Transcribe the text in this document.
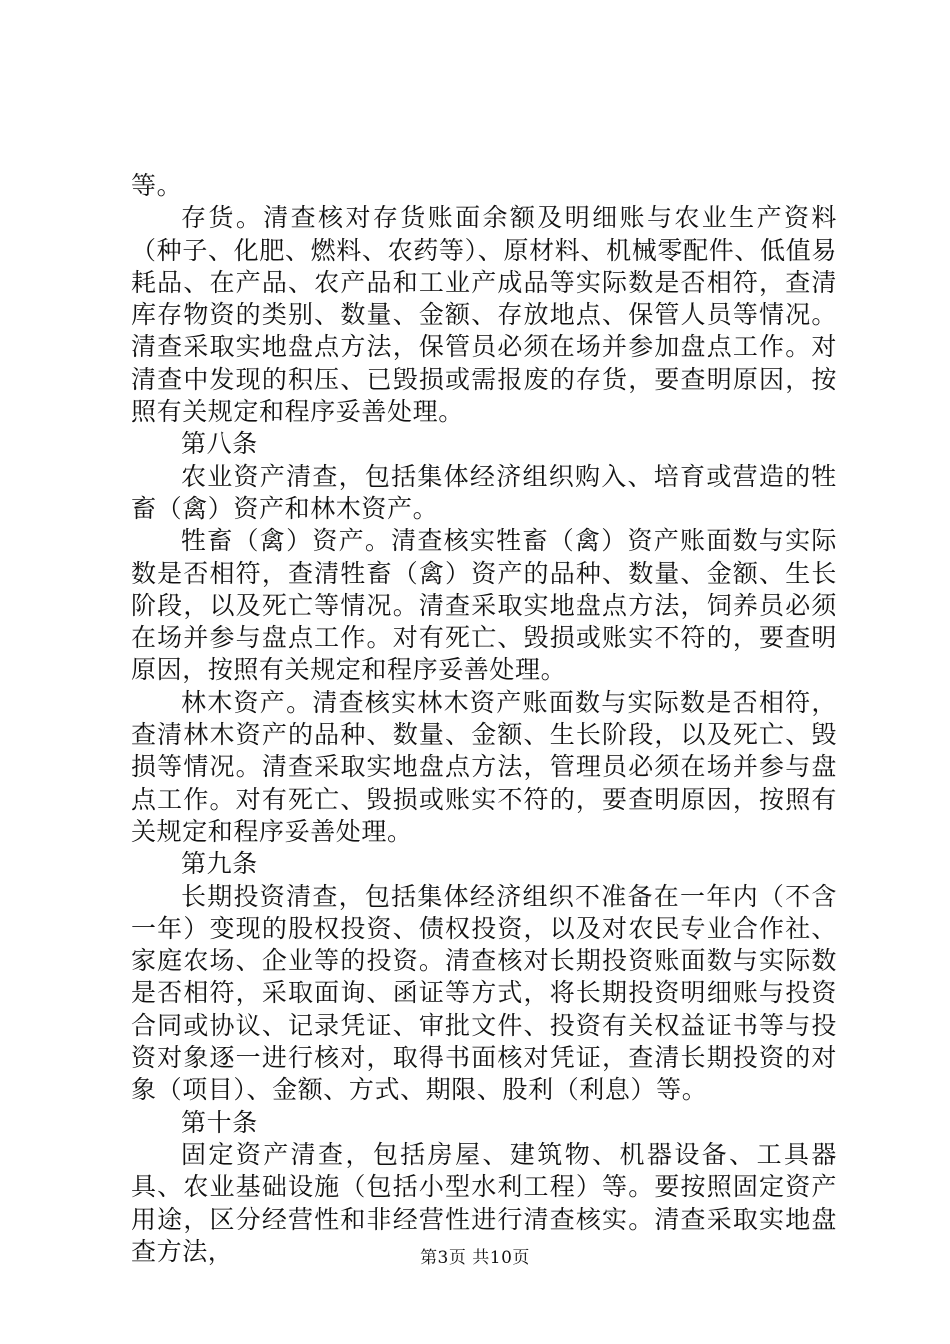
等。

存货。清查核对存货账面余额及明细账与农业生产资料（种子、化肥、燃料、农药等）、原材料、机械零配件、低值易耗品、在产品、农产品和工业产成品等实际数是否相符，查清库存物资的类别、数量、金额、存放地点、保管人员等情况。清查采取实地盘点方法，保管员必须在场并参加盘点工作。对清查中发现的积压、已毁损或需报废的存货，要查明原因，按照有关规定和程序妥善处理。

第八条

农业资产清查，包括集体经济组织购入、培育或营造的牲畜（禽）资产和林木资产。

牲畜（禽）资产。清查核实牲畜（禽）资产账面数与实际数是否相符，查清牲畜（禽）资产的品种、数量、金额、生长阶段，以及死亡等情况。清查采取实地盘点方法，饲养员必须在场并参与盘点工作。对有死亡、毁损或账实不符的，要查明原因，按照有关规定和程序妥善处理。

林木资产。清查核实林木资产账面数与实际数是否相符，查清林木资产的品种、数量、金额、生长阶段，以及死亡、毁损等情况。清查采取实地盘点方法，管理员必须在场并参与盘点工作。对有死亡、毁损或账实不符的，要查明原因，按照有关规定和程序妥善处理。

第九条

长期投资清查，包括集体经济组织不准备在一年内（不含一年）变现的股权投资、债权投资，以及对农民专业合作社、家庭农场、企业等的投资。清查核对长期投资账面数与实际数是否相符，采取面询、函证等方式，将长期投资明细账与投资合同或协议、记录凭证、审批文件、投资有关权益证书等与投资对象逐一进行核对，取得书面核对凭证，查清长期投资的对象（项目）、金额、方式、期限、股利（利息）等。

第十条

固定资产清查，包括房屋、建筑物、机器设备、工具器具、农业基础设施（包括小型水利工程）等。要按照固定资产用途，区分经营性和非经营性进行清查核实。清查采取实地盘查方法，	第3页 共10页
